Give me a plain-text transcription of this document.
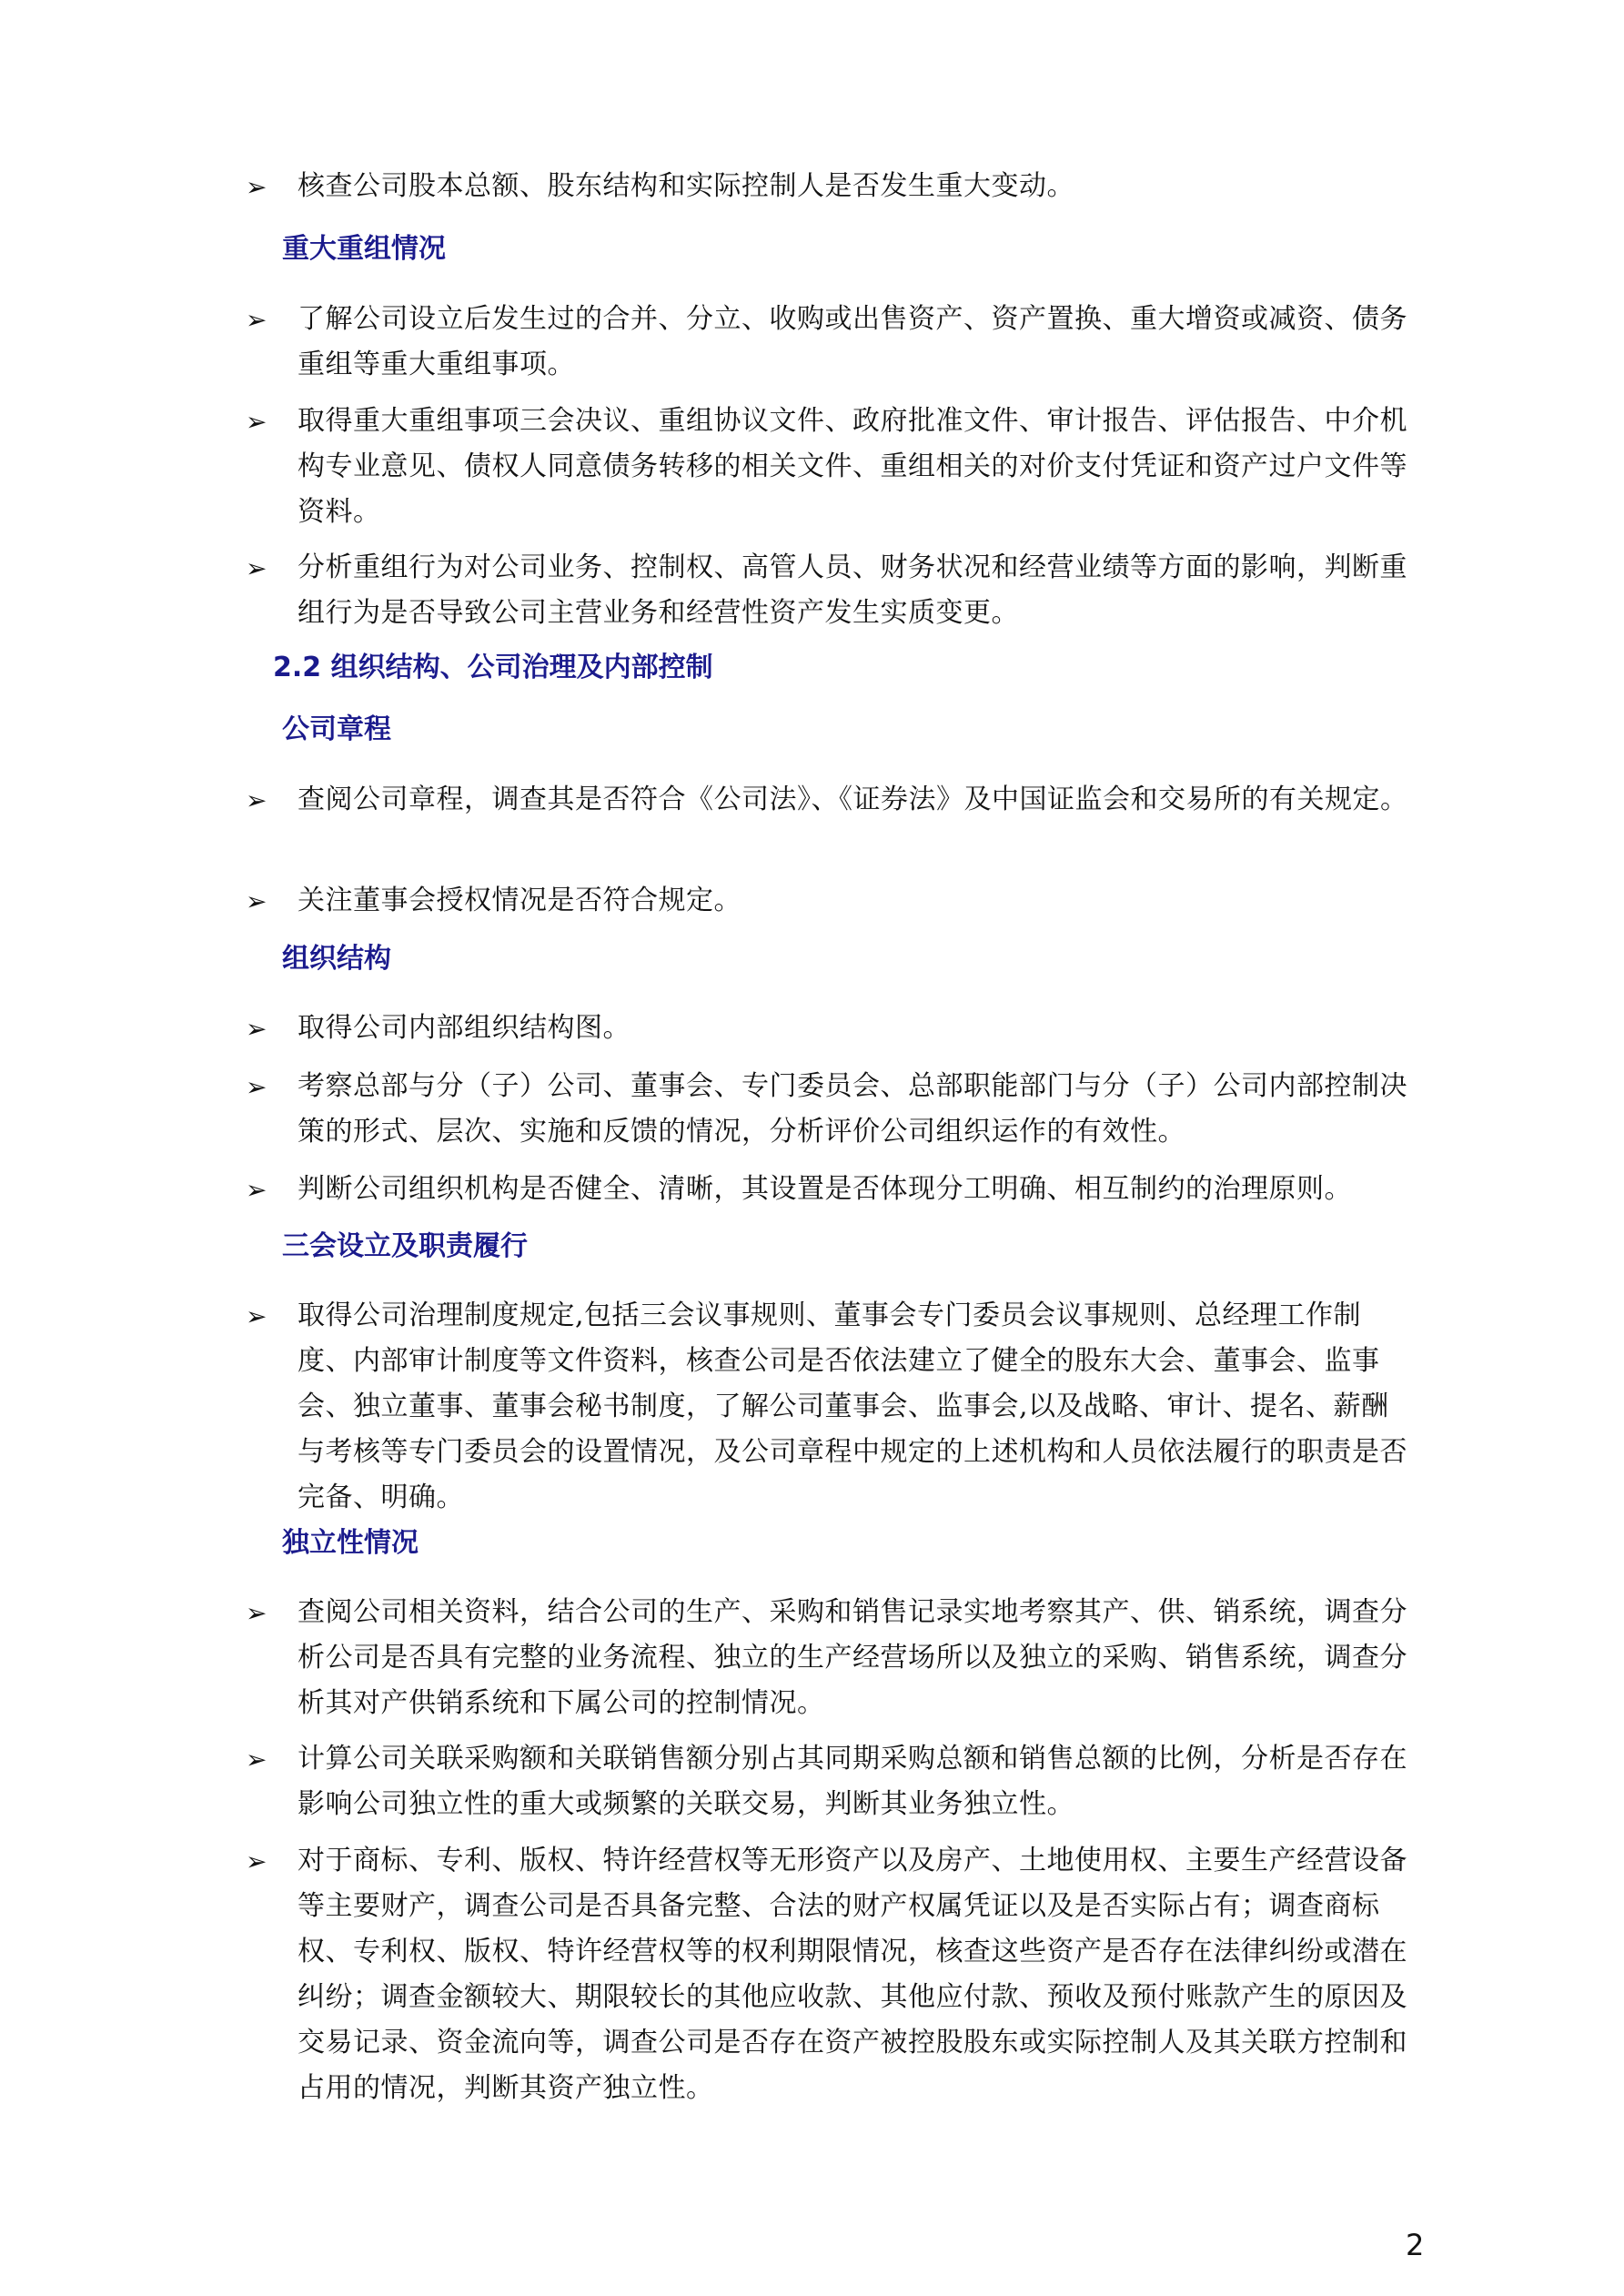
➢ 核查公司股本总额、股东结构和实际控制人是否发生重大变动。

重大重组情况
➢ 了解公司设立后发生过的合并、分立、收购或出售资产、资产置换、重大增资或减资、债务重组等重大重组事项。

➢ 取得重大重组事项三会决议、重组协议文件、政府批准文件、审计报告、评估报告、中介机构专业意见、债权人同意债务转移的相关文件、重组相关的对价支付凭证和资产过户文件等资料。

➢ 分析重组行为对公司业务、控制权、高管人员、财务状况和经营业绩等方面的影响，判断重组行为是否导致公司主营业务和经营性资产发生实质变更。

2.2 组织结构、公司治理及内部控制
公司章程
➢ 查阅公司章程，调查其是否符合《公司法》、《证券法》及中国证监会和交易所的有关规定。

➢ 关注董事会授权情况是否符合规定。

组织结构
➢ 取得公司内部组织结构图。

➢ 考察总部与分（子）公司、董事会、专门委员会、总部职能部门与分（子）公司内部控制决策的形式、层次、实施和反馈的情况，分析评价公司组织运作的有效性。

➢ 判断公司组织机构是否健全、清晰，其设置是否体现分工明确、相互制约的治理原则。

三会设立及职责履行
➢ 取得公司治理制度规定,包括三会议事规则、董事会专门委员会议事规则、总经理工作制度、内部审计制度等文件资料，核查公司是否依法建立了健全的股东大会、董事会、监事会、独立董事、董事会秘书制度，了解公司董事会、监事会,以及战略、审计、提名、薪酬与考核等专门委员会的设置情况，及公司章程中规定的上述机构和人员依法履行的职责是否完备、明确。

独立性情况
➢ 查阅公司相关资料，结合公司的生产、采购和销售记录实地考察其产、供、销系统，调查分析公司是否具有完整的业务流程、独立的生产经营场所以及独立的采购、销售系统，调查分析其对产供销系统和下属公司的控制情况。

➢ 计算公司关联采购额和关联销售额分别占其同期采购总额和销售总额的比例，分析是否存在影响公司独立性的重大或频繁的关联交易，判断其业务独立性。

➢ 对于商标、专利、版权、特许经营权等无形资产以及房产、土地使用权、主要生产经营设备等主要财产，调查公司是否具备完整、合法的财产权属凭证以及是否实际占有；调查商标权、专利权、版权、特许经营权等的权利期限情况，核查这些资产是否存在法律纠纷或潜在纠纷；调查金额较大、期限较长的其他应收款、其他应付款、预收及预付账款产生的原因及交易记录、资金流向等，调查公司是否存在资产被控股股东或实际控制人及其关联方控制和占用的情况，判断其资产独立性。

2
